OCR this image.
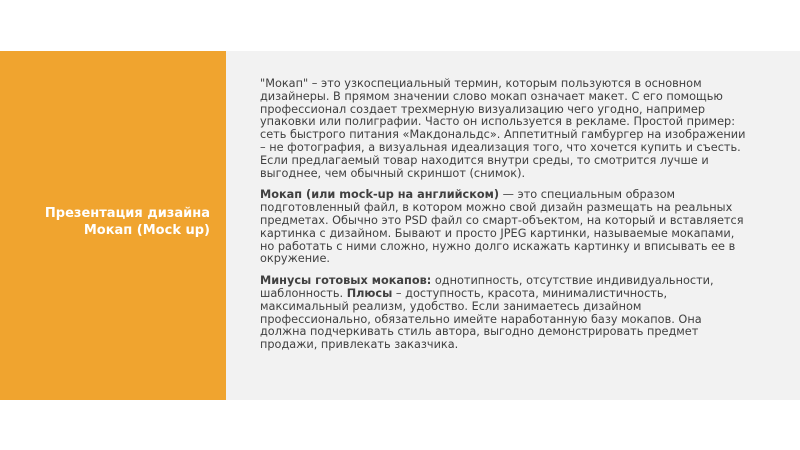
Презентация дизайна
Мокап (Mock up)

"Мокап" – это узкоспециальный термин, которым пользуются в основном дизайнеры. В прямом значении слово мокап означает макет. С его помощью профессионал создает трехмерную визуализацию чего угодно, например упаковки или полиграфии. Часто он используется в рекламе. Простой пример: сеть быстрого питания «Макдональдс». Аппетитный гамбургер на изображении – не фотография, а визуальная идеализация того, что хочется купить и съесть. Если предлагаемый товар находится внутри среды, то смотрится лучше и выгоднее, чем обычный скриншот (снимок).

Мокап (или mock-up на английском) — это специальным образом подготовленный файл, в котором можно свой дизайн размещать на реальных предметах. Обычно это PSD файл со смарт-объектом, на который и вставляется картинка с дизайном. Бывают и просто JPEG картинки, называемые мокапами, но работать с ними сложно, нужно долго искажать картинку и вписывать ее в окружение.

Минусы готовых мокапов: однотипность, отсутствие индивидуальности, шаблонность. Плюсы – доступность, красота, минималистичность, максимальный реализм, удобство. Если занимаетесь дизайном профессионально, обязательно имейте наработанную базу мокапов. Она должна подчеркивать стиль автора, выгодно демонстрировать предмет продажи, привлекать заказчика.
